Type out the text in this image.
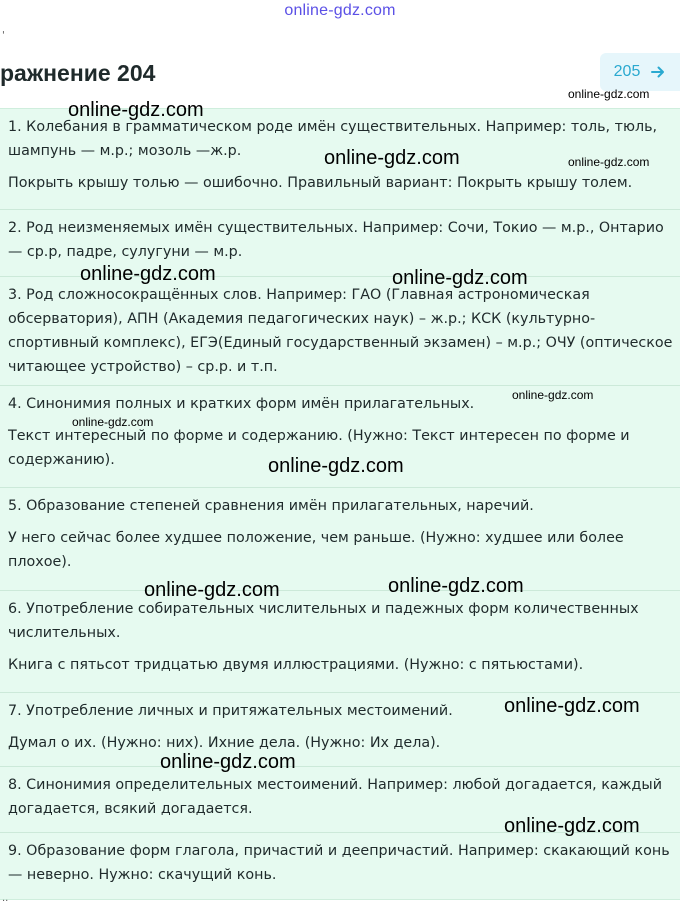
online-gdz.com
'
ражнение 204	205

1. Колебания в грамматическом роде имён существительных. Например: толь, тюль, шампунь — м.р.; мозоль —ж.р.

Покрыть крышу толью — ошибочно. Правильный вариант: Покрыть крышу толем.

2. Род неизменяемых имён существительных. Например: Сочи, Токио — м.р., Онтарио — ср.р, падре, сулугуни — м.р.

3. Род сложносокращённых слов. Например: ГАО (Главная астрономическая обсерватория), АПН (Академия педагогических наук) – ж.р.; КСК (культурно-спортивный комплекс), ЕГЭ(Единый государственный экзамен) – м.р.; ОЧУ (оптическое читающее устройство) – ср.р. и т.п.

4. Синонимия полных и кратких форм имён прилагательных.

Текст интересный по форме и содержанию. (Нужно: Текст интересен по форме и содержанию).

5. Образование степеней сравнения имён прилагательных, наречий.

У него сейчас более худшее положение, чем раньше. (Нужно: худшее или более плохое).

6. Употребление собирательных числительных и падежных форм количественных числительных.

Книга с пятьсот тридцатью двумя иллюстрациями. (Нужно: с пятьюстами).

7. Употребление личных и притяжательных местоимений.

Думал о их. (Нужно: них). Ихние дела. (Нужно: Их дела).

8. Синонимия определительных местоимений. Например: любой догадается, каждый догадается, всякий догадается.

9. Образование форм глагола, причастий и деепричастий. Например: скакающий конь — неверно. Нужно: скачущий конь.

online-gdz.com
online-gdz.com
online-gdz.com	online-gdz.com
online-gdz.com	online-gdz.com
online-gdz.com
online-gdz.com
online-gdz.com
online-gdz.com	online-gdz.com
online-gdz.com
online-gdz.com
online-gdz.com
..
